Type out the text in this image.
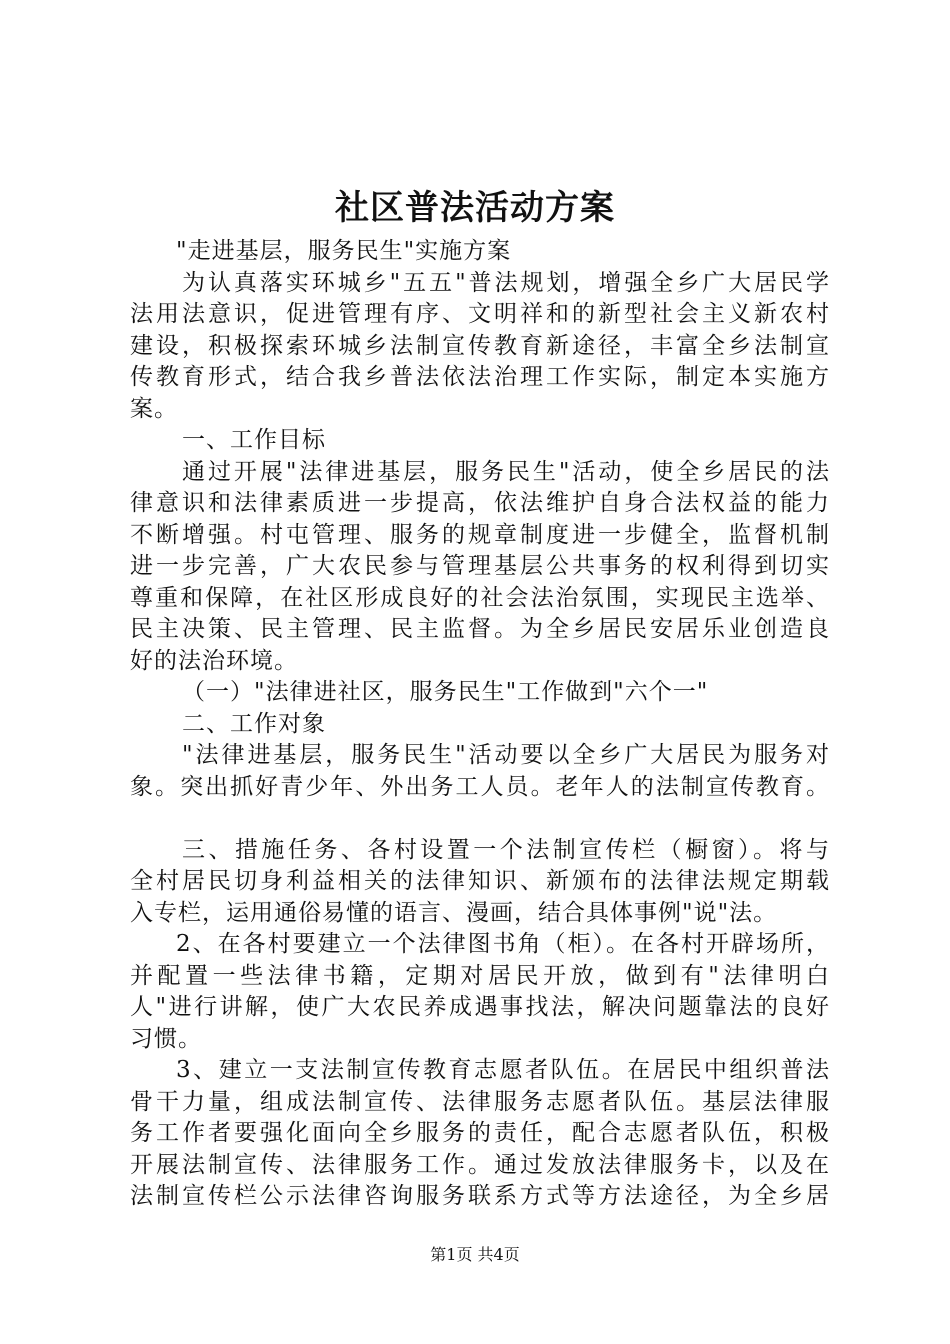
社区普法活动方案
"走进基层，服务民生"实施方案
为认真落实环城乡"五五"普法规划，增强全乡广大居民学
法用法意识，促进管理有序、文明祥和的新型社会主义新农村
建设，积极探索环城乡法制宣传教育新途径，丰富全乡法制宣
传教育形式，结合我乡普法依法治理工作实际，制定本实施方
案。
一、工作目标
通过开展"法律进基层，服务民生"活动，使全乡居民的法
律意识和法律素质进一步提高，依法维护自身合法权益的能力
不断增强。村屯管理、服务的规章制度进一步健全，监督机制
进一步完善，广大农民参与管理基层公共事务的权利得到切实
尊重和保障，在社区形成良好的社会法治氛围，实现民主选举、
民主决策、民主管理、民主监督。为全乡居民安居乐业创造良
好的法治环境。
（一）"法律进社区，服务民生"工作做到"六个一"
二、工作对象
"法律进基层，服务民生"活动要以全乡广大居民为服务对
象。突出抓好青少年、外出务工人员。老年人的法制宣传教育。
三、措施任务、各村设置一个法制宣传栏（橱窗）。将与
全村居民切身利益相关的法律知识、新颁布的法律法规定期载
入专栏，运用通俗易懂的语言、漫画，结合具体事例"说"法。
2、在各村要建立一个法律图书角（柜）。在各村开辟场所，
并配置一些法律书籍，定期对居民开放，做到有"法律明白
人"进行讲解，使广大农民养成遇事找法，解决问题靠法的良好
习惯。
3、建立一支法制宣传教育志愿者队伍。在居民中组织普法
骨干力量，组成法制宣传、法律服务志愿者队伍。基层法律服
务工作者要强化面向全乡服务的责任，配合志愿者队伍，积极
开展法制宣传、法律服务工作。通过发放法律服务卡，以及在
法制宣传栏公示法律咨询服务联系方式等方法途径，为全乡居
第1页 共4页
